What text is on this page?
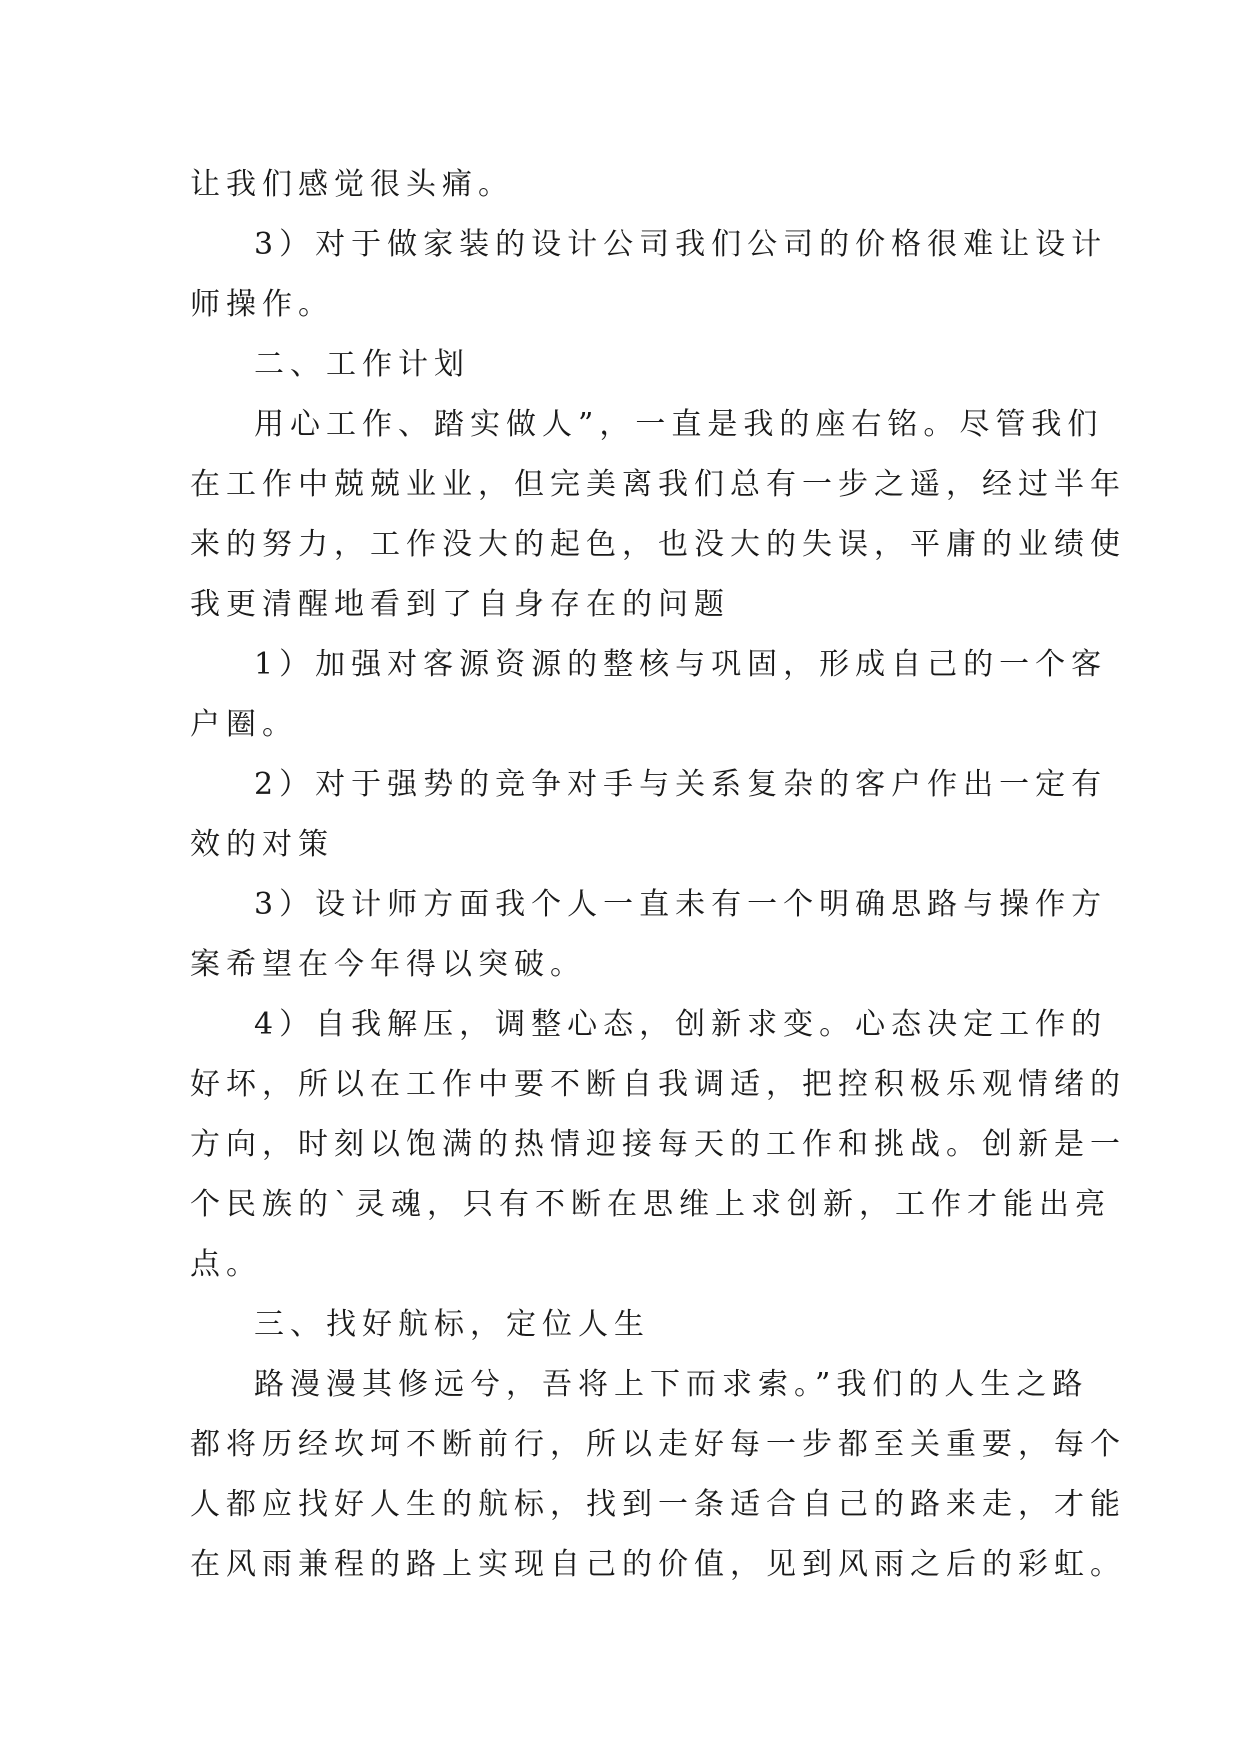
让我们感觉很头痛。

3）对于做家装的设计公司我们公司的价格很难让设计
师操作。

二、工作计划

用心工作、踏实做人”，一直是我的座右铭。尽管我们
在工作中兢兢业业，但完美离我们总有一步之遥，经过半年
来的努力，工作没大的起色，也没大的失误，平庸的业绩使
我更清醒地看到了自身存在的问题

1）加强对客源资源的整核与巩固，形成自己的一个客
户圈。

2）对于强势的竞争对手与关系复杂的客户作出一定有
效的对策

3）设计师方面我个人一直未有一个明确思路与操作方
案希望在今年得以突破。

4）自我解压，调整心态，创新求变。心态决定工作的
好坏，所以在工作中要不断自我调适，把控积极乐观情绪的
方向，时刻以饱满的热情迎接每天的工作和挑战。创新是一
个民族的`灵魂，只有不断在思维上求创新，工作才能出亮
点。

三、找好航标，定位人生

路漫漫其修远兮，吾将上下而求索。”我们的人生之路
都将历经坎坷不断前行，所以走好每一步都至关重要，每个
人都应找好人生的航标，找到一条适合自己的路来走，才能
在风雨兼程的路上实现自己的价值，见到风雨之后的彩虹。
